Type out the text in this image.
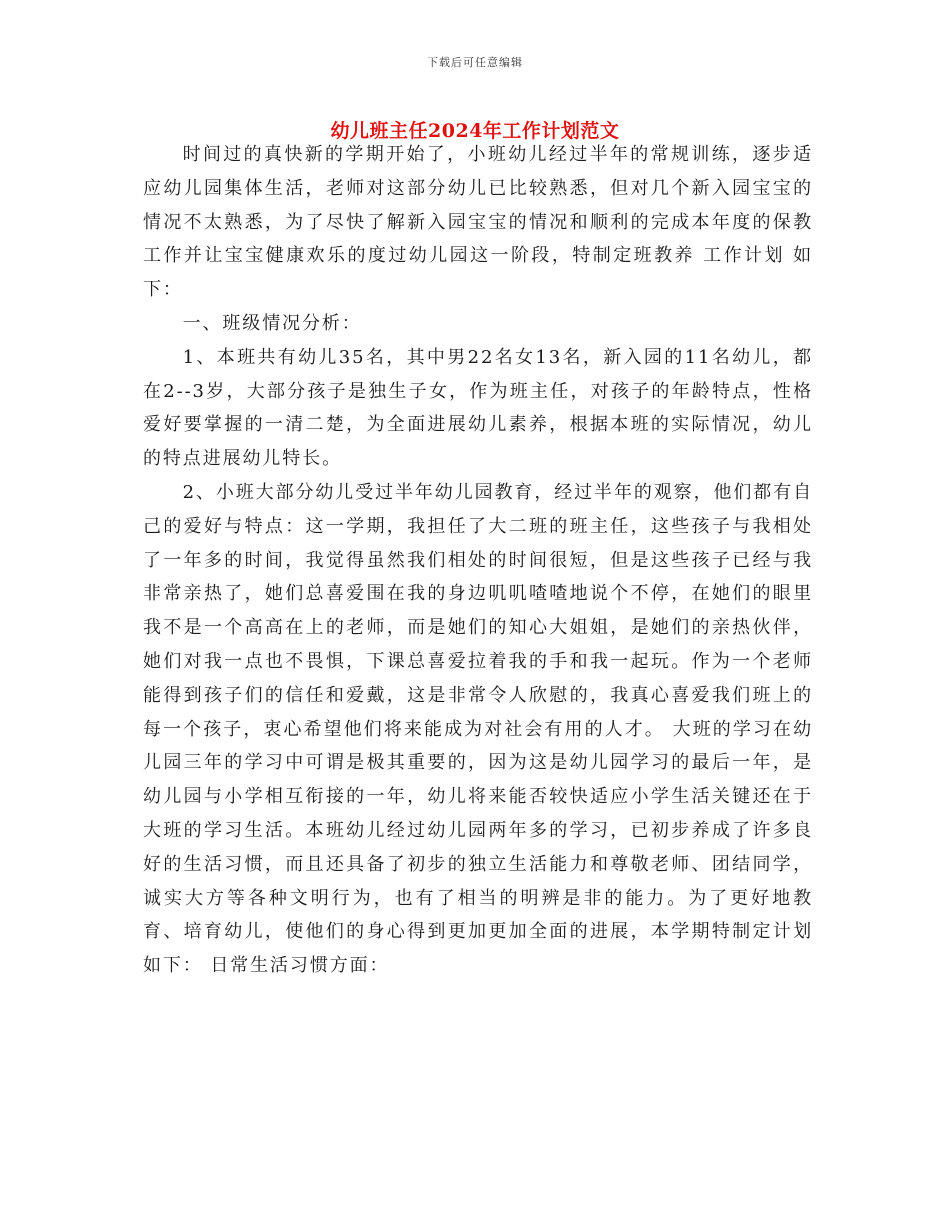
下载后可任意编辑
幼儿班主任2024年工作计划范文

时间过的真快新的学期开始了，小班幼儿经过半年的常规训练，逐步适应幼儿园集体生活，老师对这部分幼儿已比较熟悉，但对几个新入园宝宝的情况不太熟悉，为了尽快了解新入园宝宝的情况和顺利的完成本年度的保教工作并让宝宝健康欢乐的度过幼儿园这一阶段，特制定班教养 工作计划 如下：

一、班级情况分析：

1、本班共有幼儿35名，其中男22名女13名，新入园的11名幼儿，都在2--3岁，大部分孩子是独生子女，作为班主任，对孩子的年龄特点，性格爱好要掌握的一清二楚，为全面进展幼儿素养，根据本班的实际情况，幼儿的特点进展幼儿特长。

2、小班大部分幼儿受过半年幼儿园教育，经过半年的观察，他们都有自己的爱好与特点：这一学期，我担任了大二班的班主任，这些孩子与我相处了一年多的时间，我觉得虽然我们相处的时间很短，但是这些孩子已经与我非常亲热了，她们总喜爱围在我的身边叽叽喳喳地说个不停，在她们的眼里我不是一个高高在上的老师，而是她们的知心大姐姐，是她们的亲热伙伴，她们对我一点也不畏惧，下课总喜爱拉着我的手和我一起玩。作为一个老师能得到孩子们的信任和爱戴，这是非常令人欣慰的，我真心喜爱我们班上的每一个孩子，衷心希望他们将来能成为对社会有用的人才。 大班的学习在幼儿园三年的学习中可谓是极其重要的，因为这是幼儿园学习的最后一年，是幼儿园与小学相互衔接的一年，幼儿将来能否较快适应小学生活关键还在于大班的学习生活。本班幼儿经过幼儿园两年多的学习，已初步养成了许多良好的生活习惯，而且还具备了初步的独立生活能力和尊敬老师、团结同学，诚实大方等各种文明行为，也有了相当的明辨是非的能力。为了更好地教育、培育幼儿，使他们的身心得到更加更加全面的进展，本学期特制定计划如下： 日常生活习惯方面：
